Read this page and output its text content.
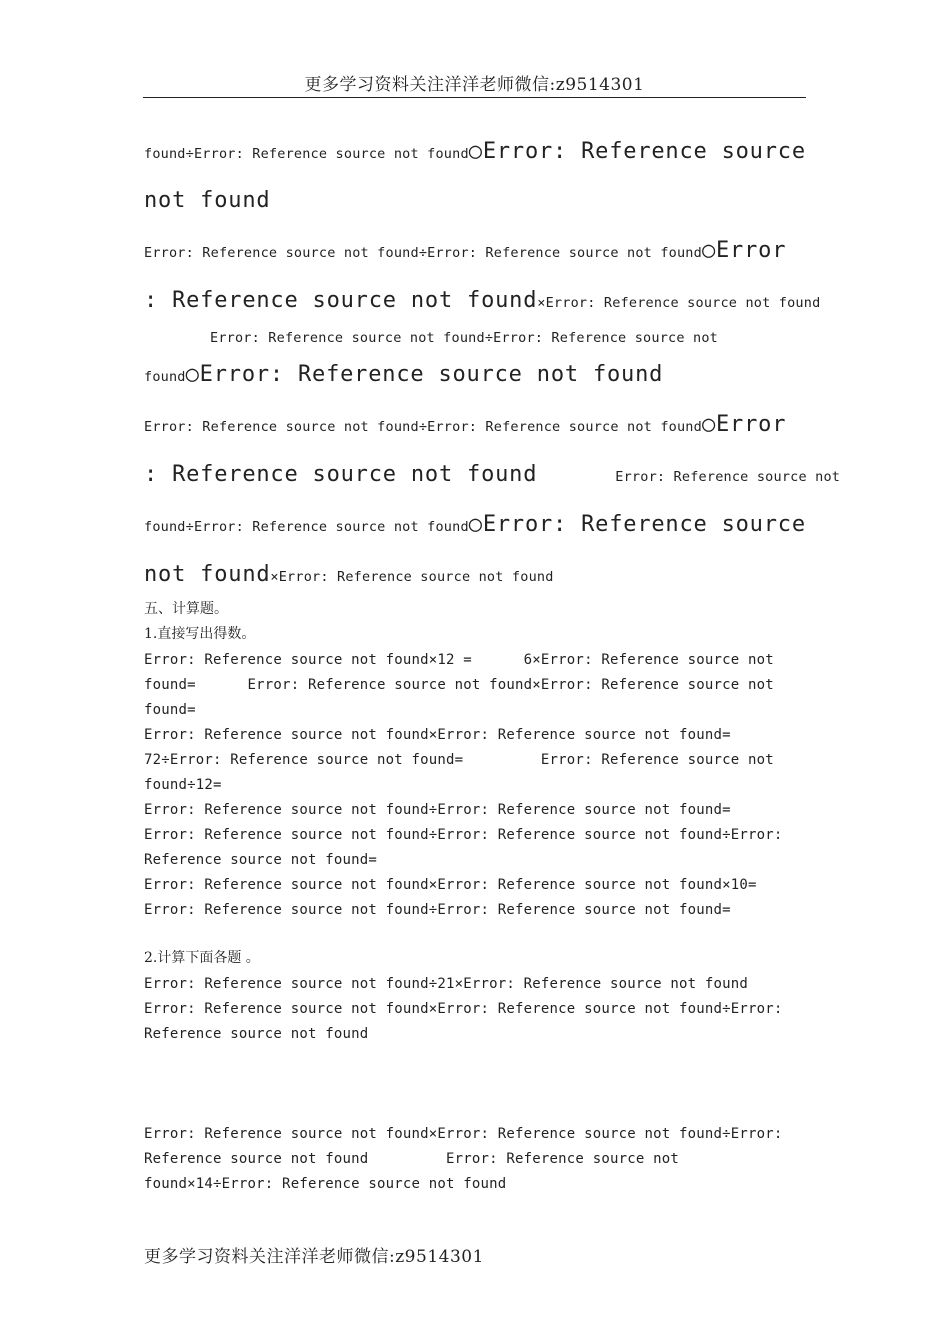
更多学习资料关注洋洋老师微信:z9514301
found÷Error: Reference source not found○Error: Reference source
not found
Error: Reference source not found÷Error: Reference source not found○Error
: Reference source not found×Error: Reference source not found
Error: Reference source not found÷Error: Reference source not
found○Error: Reference source not found
Error: Reference source not found÷Error: Reference source not found○Error
: Reference source not found	Error: Reference source not
found÷Error: Reference source not found○Error: Reference source
not found×Error: Reference source not found
五、计算题。
1.直接写出得数。
Error: Reference source not found×12 =      6×Error: Reference source not
found=      Error: Reference source not found×Error: Reference source not
found=
Error: Reference source not found×Error: Reference source not found=
72÷Error: Reference source not found=         Error: Reference source not
found÷12=
Error: Reference source not found÷Error: Reference source not found=
Error: Reference source not found÷Error: Reference source not found÷Error:
Reference source not found=
Error: Reference source not found×Error: Reference source not found×10=
Error: Reference source not found÷Error: Reference source not found=
2.计算下面各题 。
Error: Reference source not found÷21×Error: Reference source not found
Error: Reference source not found×Error: Reference source not found÷Error:
Reference source not found
Error: Reference source not found×Error: Reference source not found÷Error:
Reference source not found         Error: Reference source not
found×14÷Error: Reference source not found
更多学习资料关注洋洋老师微信:z9514301
